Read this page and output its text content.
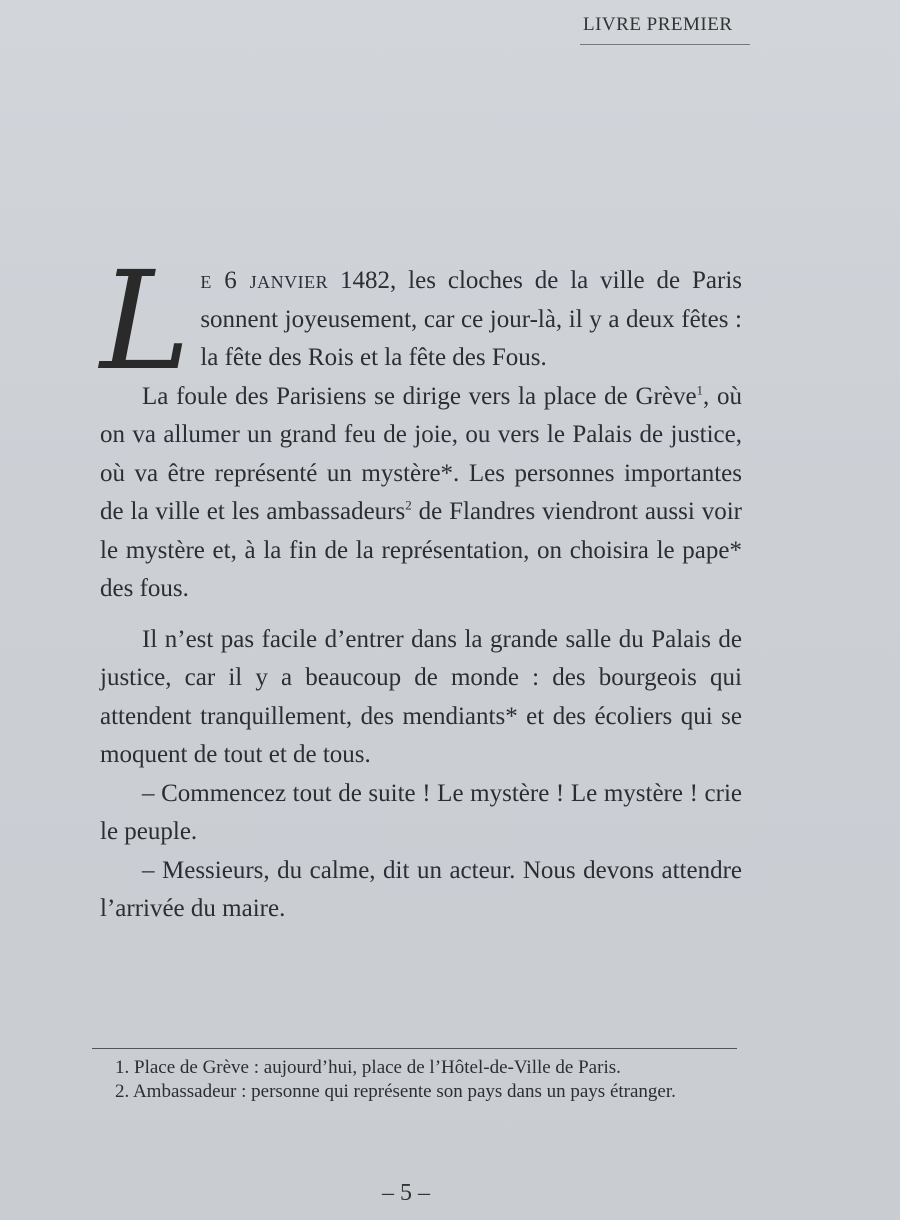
LIVRE PREMIER

Le 6 janvier 1482, les cloches de la ville de Paris sonnent joyeusement, car ce jour-là, il y a deux fêtes : la fête des Rois et la fête des Fous.

La foule des Parisiens se dirige vers la place de Grève$^1$, où on va allumer un grand feu de joie, ou vers le Palais de justice, où va être représenté un mystère*. Les personnes importantes de la ville et les ambassadeurs$^2$ de Flandres viendront aussi voir le mystère et, à la fin de la représentation, on choisira le pape* des fous.

Il n’est pas facile d’entrer dans la grande salle du Palais de justice, car il y a beaucoup de monde : des bourgeois qui attendent tranquillement, des mendiants* et des écoliers qui se moquent de tout et de tous.

– Commencez tout de suite ! Le mystère ! Le mystère ! crie le peuple.

– Messieurs, du calme, dit un acteur. Nous devons attendre l’arrivée du maire.

1. Place de Grève : aujourd’hui, place de l’Hôtel-de-Ville de Paris.

2. Ambassadeur : personne qui représente son pays dans un pays étranger.

– 5 –
